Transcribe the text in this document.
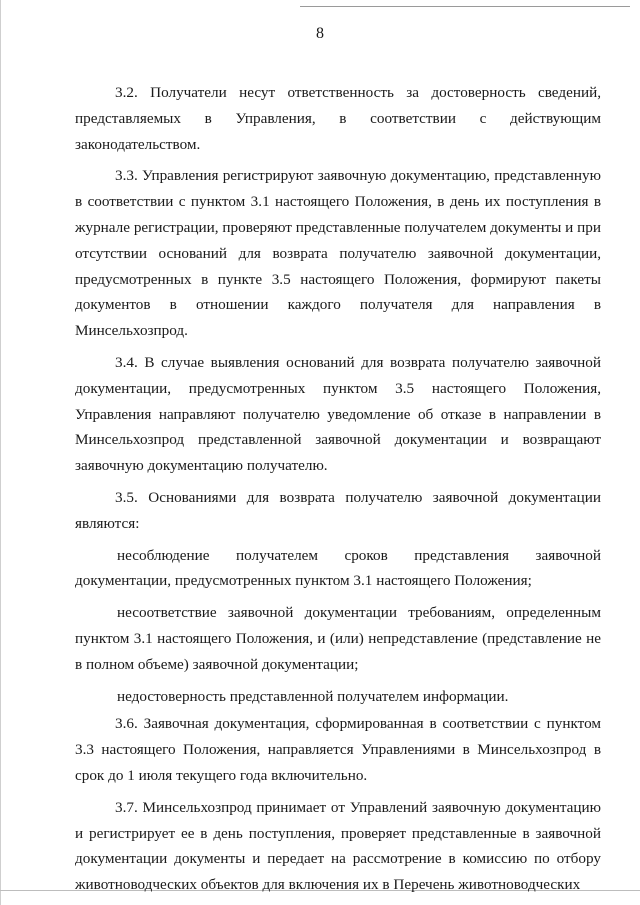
8

3.2. Получатели несут ответственность за достоверность сведений, представляемых в Управления, в соответствии с действующим законодательством.

3.3. Управления регистрируют заявочную документацию, представленную в соответствии с пунктом 3.1 настоящего Положения, в день их поступления в журнале регистрации, проверяют представленные получателем документы и при отсутствии оснований для возврата получателю заявочной документации, предусмотренных в пункте 3.5 настоящего Положения, формируют пакеты документов в отношении каждого получателя для направления в Минсельхозпрод.

3.4. В случае выявления оснований для возврата получателю заявочной документации, предусмотренных пунктом 3.5 настоящего Положения, Управления направляют получателю уведомление об отказе в направлении в Минсельхозпрод представленной заявочной документации и возвращают заявочную документацию получателю.

3.5. Основаниями для возврата получателю заявочной документации являются:

несоблюдение получателем сроков представления заявочной документации, предусмотренных пунктом 3.1 настоящего Положения;

несоответствие заявочной документации требованиям, определенным пунктом 3.1 настоящего Положения, и (или) непредставление (представление не в полном объеме) заявочной документации;

недостоверность представленной получателем информации.

3.6. Заявочная документация, сформированная в соответствии с пунктом 3.3 настоящего Положения, направляется Управлениями в Минсельхозпрод в срок до 1 июля текущего года включительно.

3.7. Минсельхозпрод принимает от Управлений заявочную документацию и регистрирует ее в день поступления, проверяет представленные в заявочной документации документы и передает на рассмотрение в комиссию по отбору животноводческих объектов для включения их в Перечень животноводческих
